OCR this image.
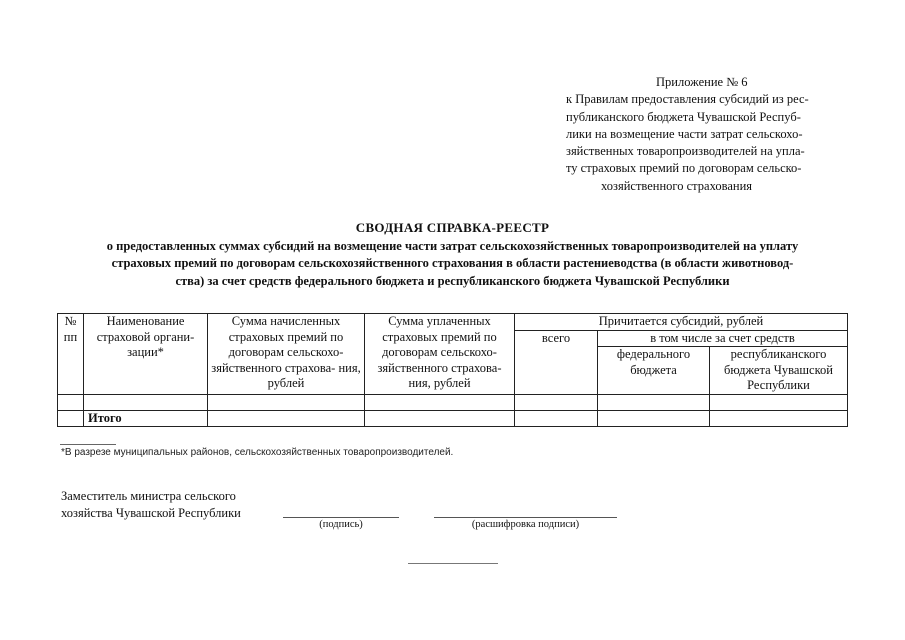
Приложение № 6
к Правилам предоставления субсидий из рес-
публиканского бюджета Чувашской Респуб-
лики на возмещение части затрат сельскохо-
зяйственных товаропроизводителей на упла-
ту страховых премий по договорам сельско-
хозяйственного страхования
СВОДНАЯ СПРАВКА-РЕЕСТР
о предоставленных суммах субсидий на возмещение части затрат сельскохозяйственных товаропроизводителей на уплату
страховых премий по договорам сельскохозяйственного страхования в области растениеводства (в области животновод-
ства) за счет средств федерального бюджета и республиканского бюджета Чувашской Республики
№ пп	Наименование страховой органи- зации*	Сумма начисленных страховых премий по договорам сельскохо- зяйственного страхова- ния, рублей	Сумма уплаченных страховых премий по договорам сельскохо- зяйственного страхова- ния, рублей	Причитается субсидий, рублей		
				всего	в том числе за счет средств	
					федерального бюджета	республиканского бюджета Чувашской Республики

	Итого					
*В разрезе муниципальных районов, сельскохозяйственных товаропроизводителей.
Заместитель министра сельского
хозяйства Чувашской Республики
(подпись)	(расшифровка подписи)
